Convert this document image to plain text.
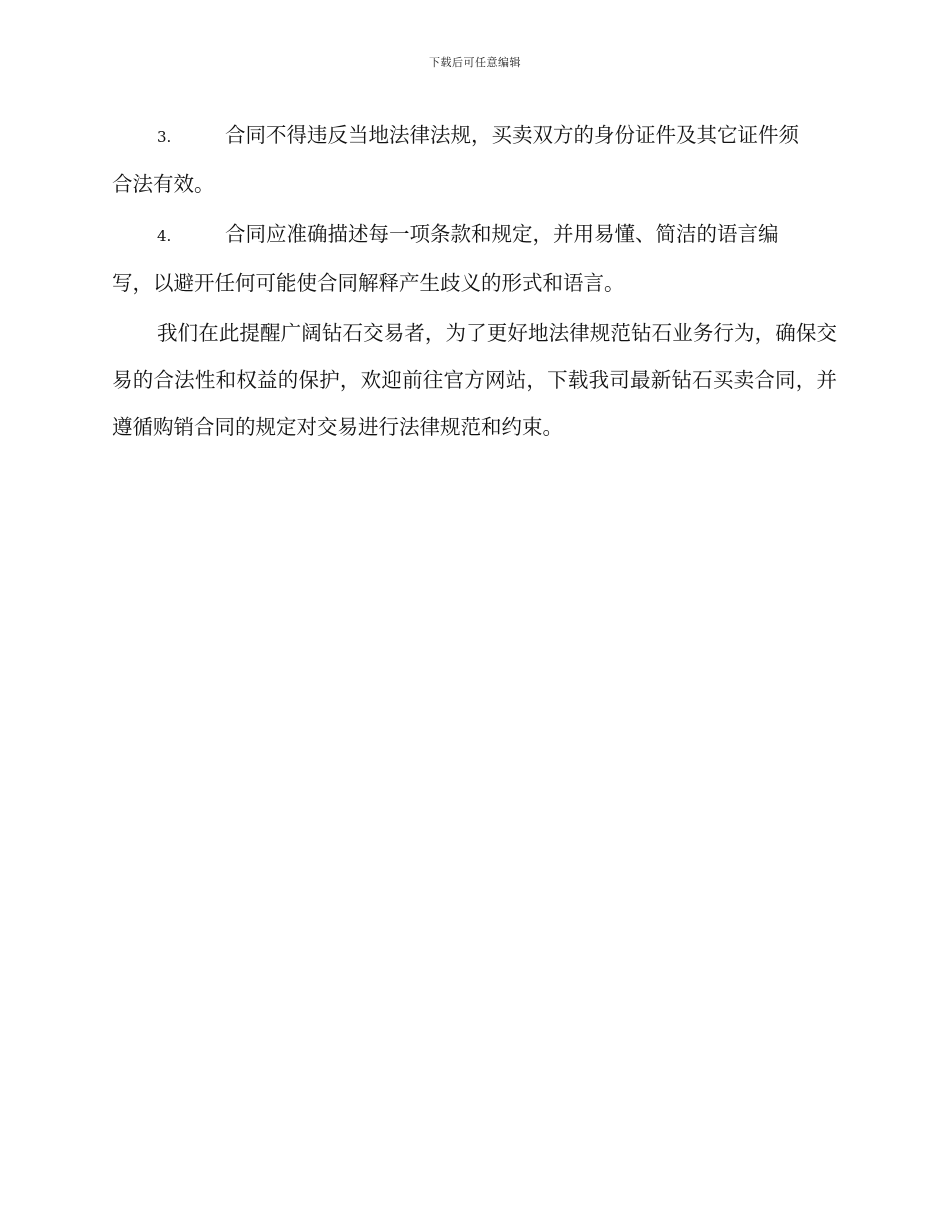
下载后可任意编辑
3.	合同不得违反当地法律法规，买卖双方的身份证件及其它证件须
合法有效。
4.	合同应准确描述每一项条款和规定，并用易懂、简洁的语言编
写，以避开任何可能使合同解释产生歧义的形式和语言。

我们在此提醒广阔钻石交易者，为了更好地法律规范钻石业务行为，确保交易的合法性和权益的保护，欢迎前往官方网站，下载我司最新钻石买卖合同，并遵循购销合同的规定对交易进行法律规范和约束。
